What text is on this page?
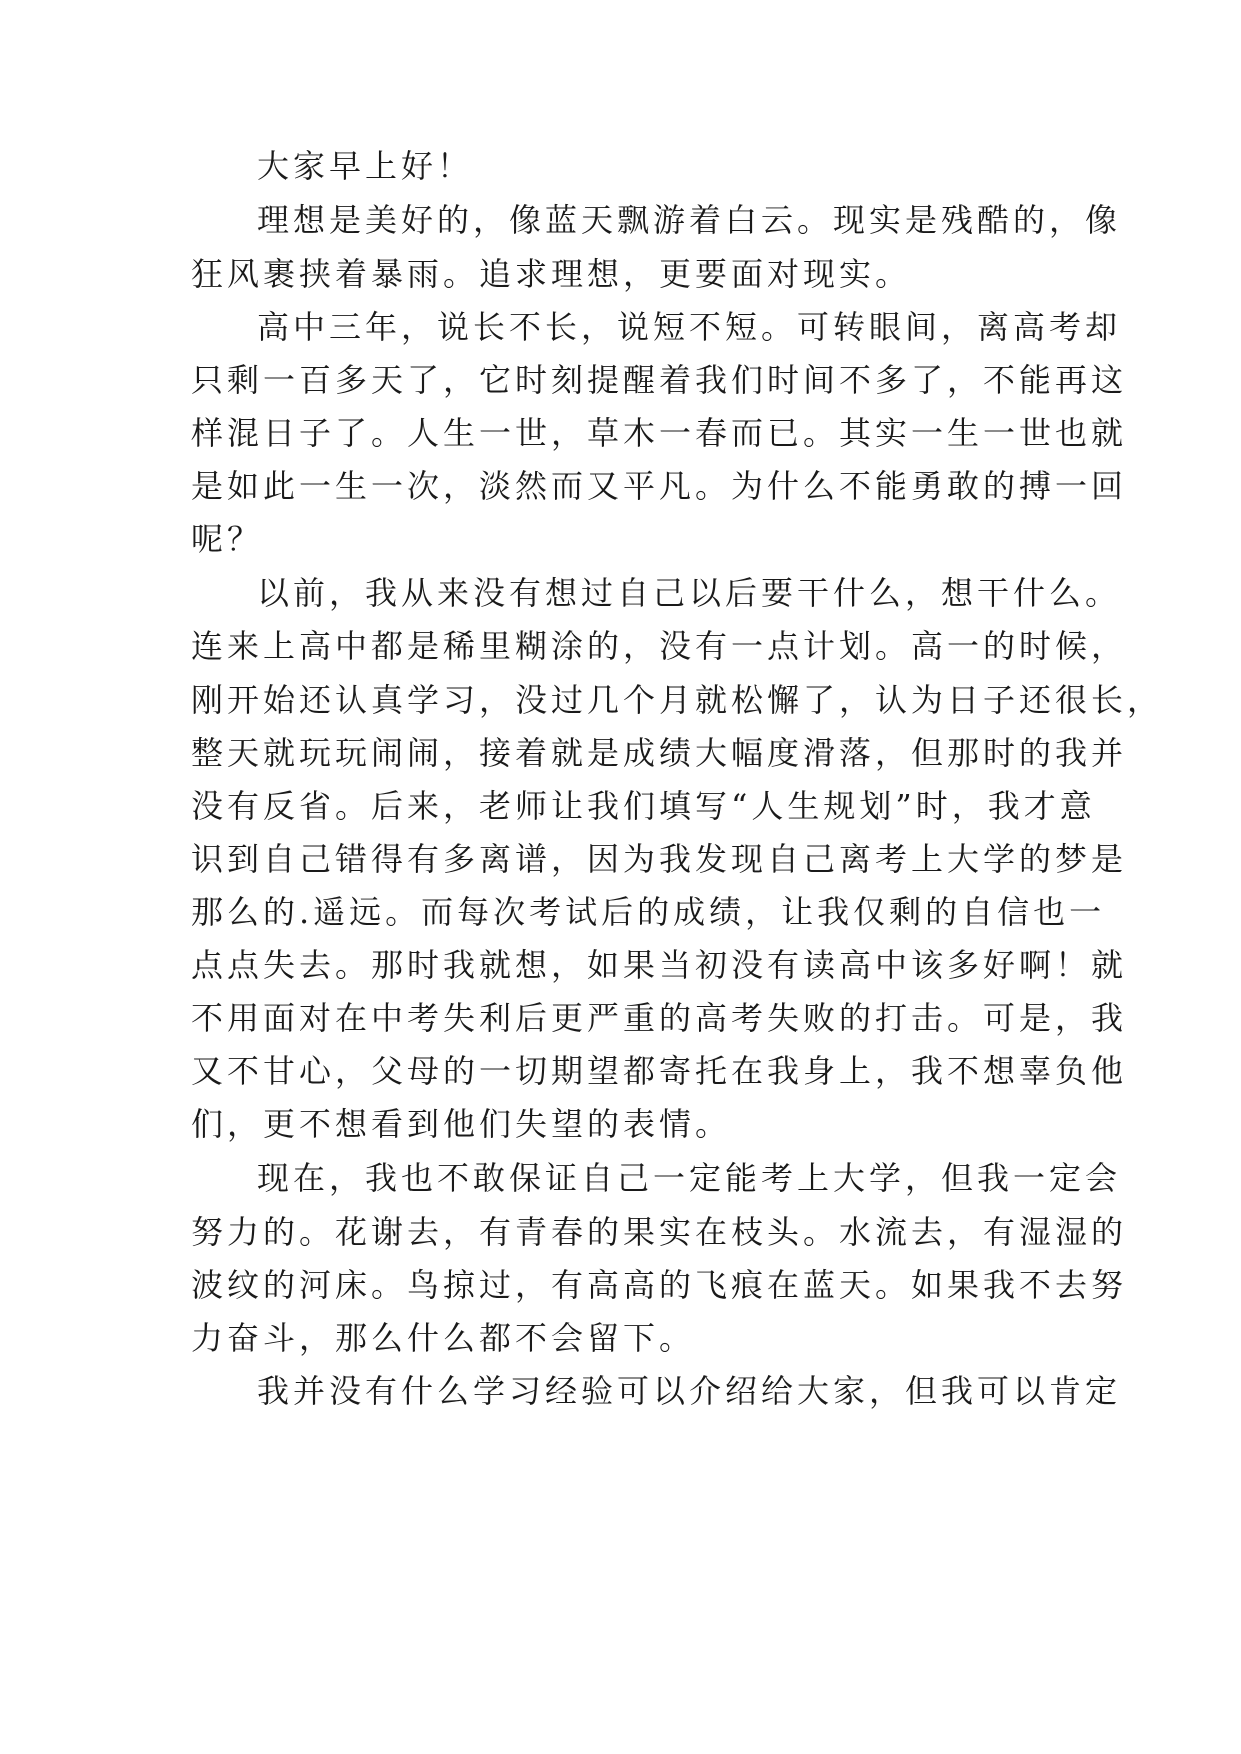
大家早上好！
理想是美好的，像蓝天飘游着白云。现实是残酷的，像
狂风裹挟着暴雨。追求理想，更要面对现实。
高中三年，说长不长，说短不短。可转眼间，离高考却
只剩一百多天了，它时刻提醒着我们时间不多了，不能再这
样混日子了。人生一世，草木一春而已。其实一生一世也就
是如此一生一次，淡然而又平凡。为什么不能勇敢的搏一回
呢？
以前，我从来没有想过自己以后要干什么，想干什么。
连来上高中都是稀里糊涂的，没有一点计划。高一的时候，
刚开始还认真学习，没过几个月就松懈了，认为日子还很长，
整天就玩玩闹闹，接着就是成绩大幅度滑落，但那时的我并
没有反省。后来，老师让我们填写“人生规划”时，我才意
识到自己错得有多离谱，因为我发现自己离考上大学的梦是
那么的.遥远。而每次考试后的成绩，让我仅剩的自信也一
点点失去。那时我就想，如果当初没有读高中该多好啊！就
不用面对在中考失利后更严重的高考失败的打击。可是，我
又不甘心，父母的一切期望都寄托在我身上，我不想辜负他
们，更不想看到他们失望的表情。
现在，我也不敢保证自己一定能考上大学，但我一定会
努力的。花谢去，有青春的果实在枝头。水流去，有湿湿的
波纹的河床。鸟掠过，有高高的飞痕在蓝天。如果我不去努
力奋斗，那么什么都不会留下。
我并没有什么学习经验可以介绍给大家，但我可以肯定
